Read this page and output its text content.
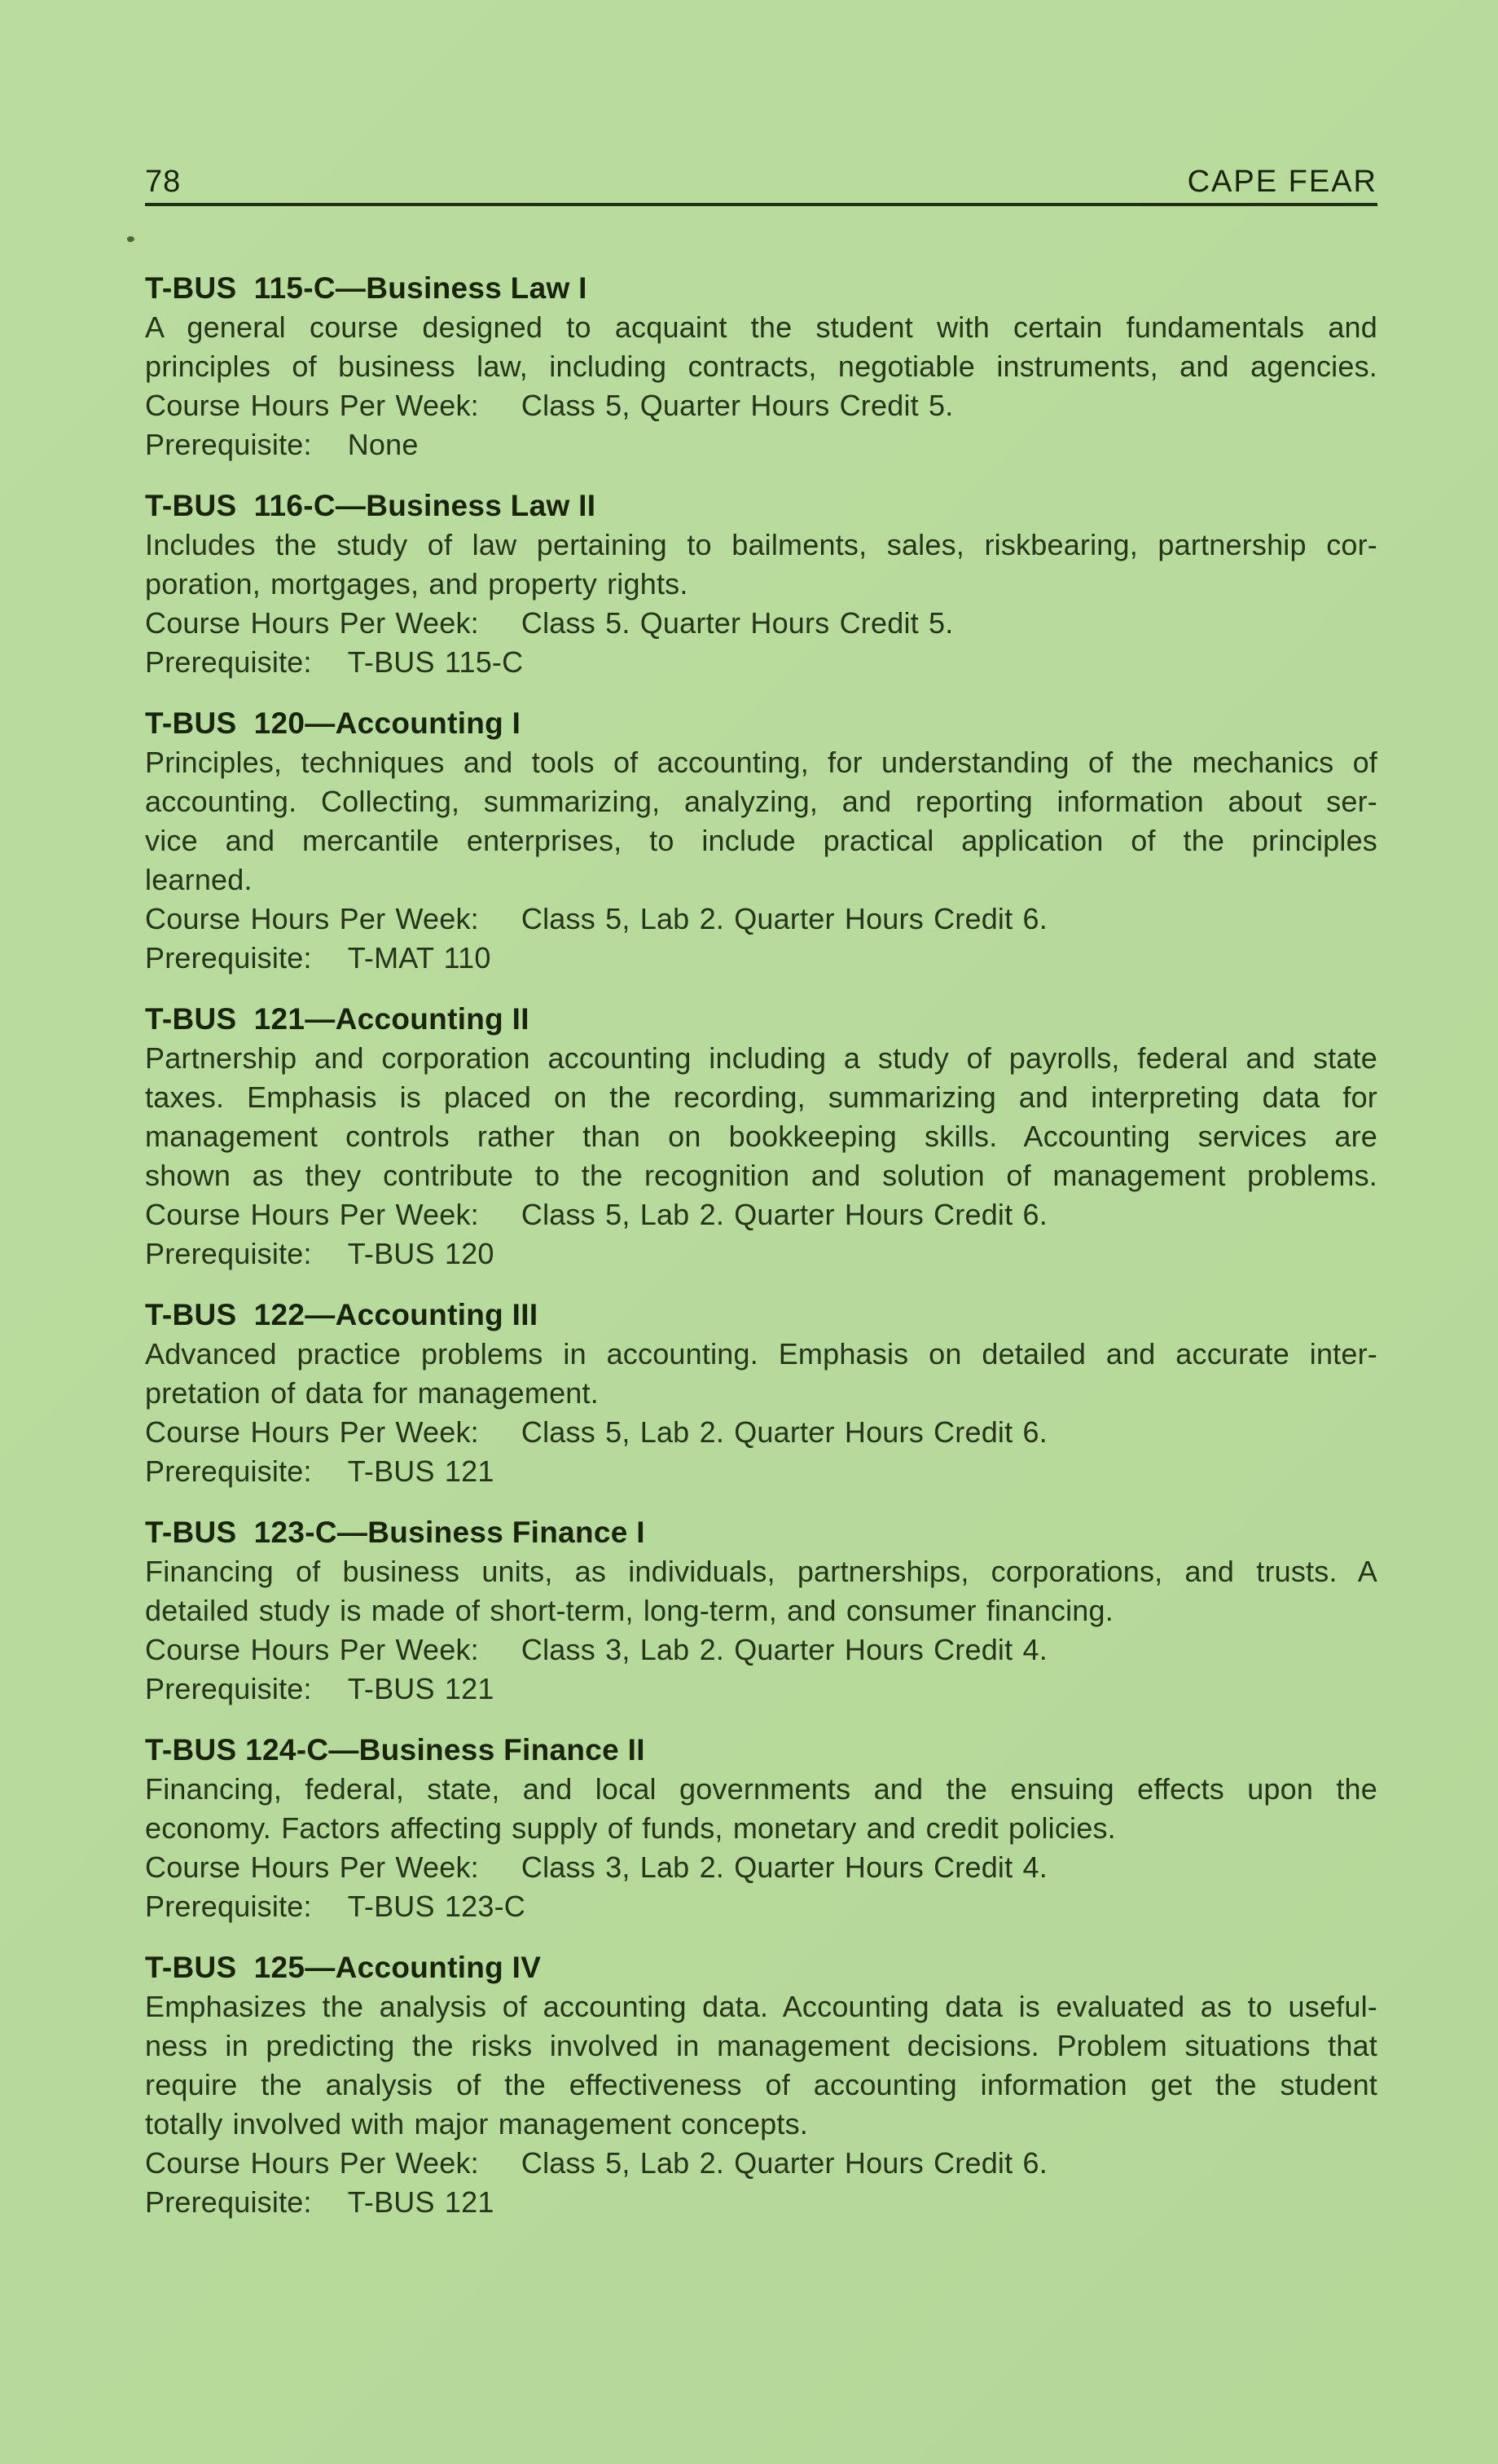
78	CAPE FEAR
T-BUS  115-C—Business Law I
A general course designed to acquaint the student with certain fundamentals and
principles of business law, including contracts, negotiable instruments, and agencies.
Course Hours Per Week: Class 5, Quarter Hours Credit 5.
Prerequisite: None
T-BUS  116-C—Business Law II
Includes the study of law pertaining to bailments, sales, riskbearing, partnership cor-
poration, mortgages, and property rights.
Course Hours Per Week: Class 5. Quarter Hours Credit 5.
Prerequisite: T-BUS 115-C
T-BUS  120—Accounting I
Principles, techniques and tools of accounting, for understanding of the mechanics of
accounting. Collecting, summarizing, analyzing, and reporting information about ser-
vice and mercantile enterprises, to include practical application of the principles
learned.
Course Hours Per Week: Class 5, Lab 2. Quarter Hours Credit 6.
Prerequisite: T-MAT 110
T-BUS  121—Accounting II
Partnership and corporation accounting including a study of payrolls, federal and state
taxes. Emphasis is placed on the recording, summarizing and interpreting data for
management controls rather than on bookkeeping skills. Accounting services are
shown as they contribute to the recognition and solution of management problems.
Course Hours Per Week: Class 5, Lab 2. Quarter Hours Credit 6.
Prerequisite: T-BUS 120
T-BUS  122—Accounting III
Advanced practice problems in accounting. Emphasis on detailed and accurate inter-
pretation of data for management.
Course Hours Per Week: Class 5, Lab 2. Quarter Hours Credit 6.
Prerequisite: T-BUS 121
T-BUS  123-C—Business Finance I
Financing of business units, as individuals, partnerships, corporations, and trusts. A
detailed study is made of short-term, long-term, and consumer financing.
Course Hours Per Week: Class 3, Lab 2. Quarter Hours Credit 4.
Prerequisite: T-BUS 121
T-BUS 124-C—Business Finance II
Financing, federal, state, and local governments and the ensuing effects upon the
economy. Factors affecting supply of funds, monetary and credit policies.
Course Hours Per Week: Class 3, Lab 2. Quarter Hours Credit 4.
Prerequisite: T-BUS 123-C
T-BUS  125—Accounting IV
Emphasizes the analysis of accounting data. Accounting data is evaluated as to useful-
ness in predicting the risks involved in management decisions. Problem situations that
require the analysis of the effectiveness of accounting information get the student
totally involved with major management concepts.
Course Hours Per Week: Class 5, Lab 2. Quarter Hours Credit 6.
Prerequisite: T-BUS 121
